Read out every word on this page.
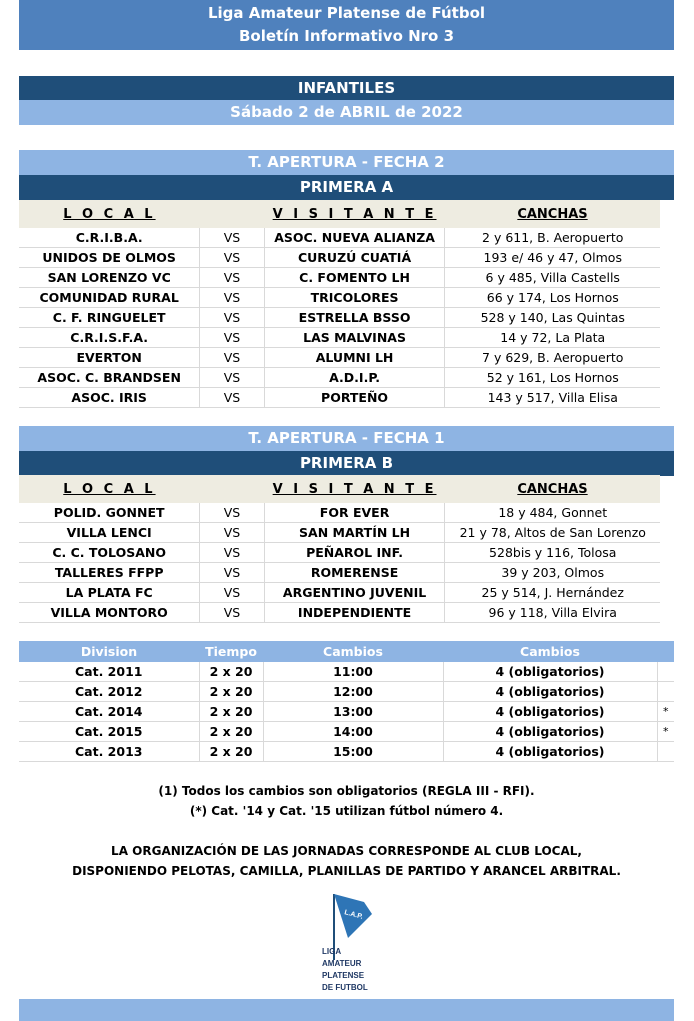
Liga Amateur Platense de Fútbol
Boletín Informativo Nro 3
INFANTILES
Sábado 2 de ABRIL de 2022
T. APERTURA - FECHA 2
PRIMERA A
L O C A L		V I S I T A N T E	CANCHAS
C.R.I.B.A.	VS	ASOC. NUEVA ALIANZA	2 y 611, B. Aeropuerto
UNIDOS DE OLMOS	VS	CURUZÚ CUATIÁ	193 e/ 46 y 47, Olmos
SAN LORENZO VC	VS	C. FOMENTO LH	6 y 485, Villa Castells
COMUNIDAD RURAL	VS	TRICOLORES	66 y 174, Los Hornos
C. F. RINGUELET	VS	ESTRELLA BSSO	528 y 140, Las Quintas
C.R.I.S.F.A.	VS	LAS MALVINAS	14 y 72, La Plata
EVERTON	VS	ALUMNI LH	7 y 629, B. Aeropuerto
ASOC. C. BRANDSEN	VS	A.D.I.P.	52 y 161, Los Hornos
ASOC. IRIS	VS	PORTEÑO	143 y 517, Villa Elisa
T. APERTURA - FECHA 1
PRIMERA B
L O C A L		V I S I T A N T E	CANCHAS
POLID. GONNET	VS	FOR EVER	18 y 484, Gonnet
VILLA LENCI	VS	SAN MARTÍN LH	21 y 78, Altos de San Lorenzo
C. C. TOLOSANO	VS	PEÑAROL INF.	528bis y 116, Tolosa
TALLERES FFPP	VS	ROMERENSE	39 y 203, Olmos
LA PLATA FC	VS	ARGENTINO JUVENIL	25 y 514, J. Hernández
VILLA MONTORO	VS	INDEPENDIENTE	96 y 118, Villa Elvira
Division	Tiempo	Cambios	Cambios	
Cat. 2011	2 x 20	11:00	4 (obligatorios)	
Cat. 2012	2 x 20	12:00	4 (obligatorios)	
Cat. 2014	2 x 20	13:00	4 (obligatorios)	*
Cat. 2015	2 x 20	14:00	4 (obligatorios)	*
Cat. 2013	2 x 20	15:00	4 (obligatorios)	
(1) Todos los cambios son obligatorios (REGLA III - RFI).
(*) Cat. '14 y Cat. '15 utilizan fútbol número 4.
LA ORGANIZACIÓN DE LAS JORNADAS CORRESPONDE AL CLUB LOCAL,
DISPONIENDO PELOTAS, CAMILLA, PLANILLAS DE PARTIDO Y ARANCEL ARBITRAL.
L.A.P.
LIGA
AMATEUR
PLATENSE
DE FUTBOL
